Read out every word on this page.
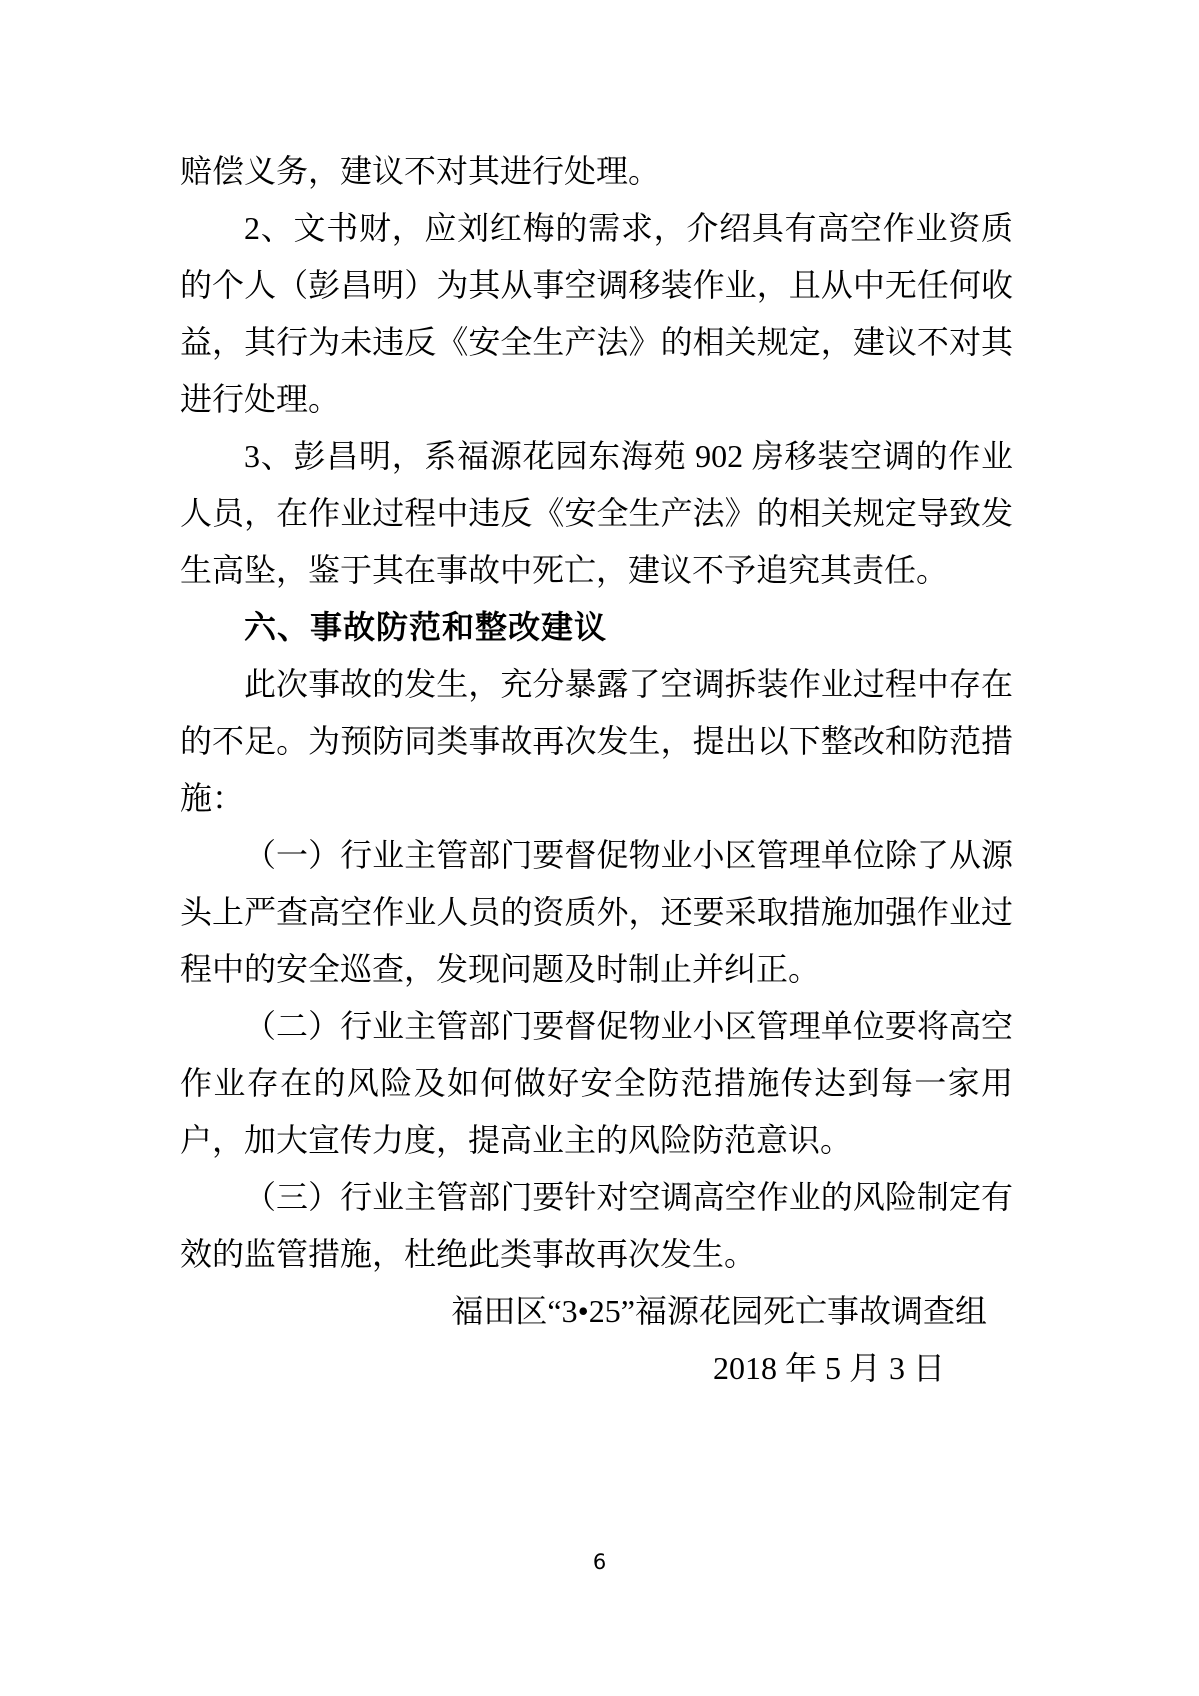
赔偿义务，建议不对其进行处理。

2、文书财，应刘红梅的需求，介绍具有高空作业资质的个人（彭昌明）为其从事空调移装作业，且从中无任何收益，其行为未违反《安全生产法》的相关规定，建议不对其进行处理。

3、彭昌明，系福源花园东海苑 902 房移装空调的作业人员，在作业过程中违反《安全生产法》的相关规定导致发生高坠，鉴于其在事故中死亡，建议不予追究其责任。

六、事故防范和整改建议

此次事故的发生，充分暴露了空调拆装作业过程中存在的不足。为预防同类事故再次发生，提出以下整改和防范措施：

（一）行业主管部门要督促物业小区管理单位除了从源头上严查高空作业人员的资质外，还要采取措施加强作业过程中的安全巡查，发现问题及时制止并纠正。

（二）行业主管部门要督促物业小区管理单位要将高空作业存在的风险及如何做好安全防范措施传达到每一家用户，加大宣传力度，提高业主的风险防范意识。

（三）行业主管部门要针对空调高空作业的风险制定有效的监管措施，杜绝此类事故再次发生。

福田区“3•25”福源花园死亡事故调查组

2018 年 5 月 3 日

6
